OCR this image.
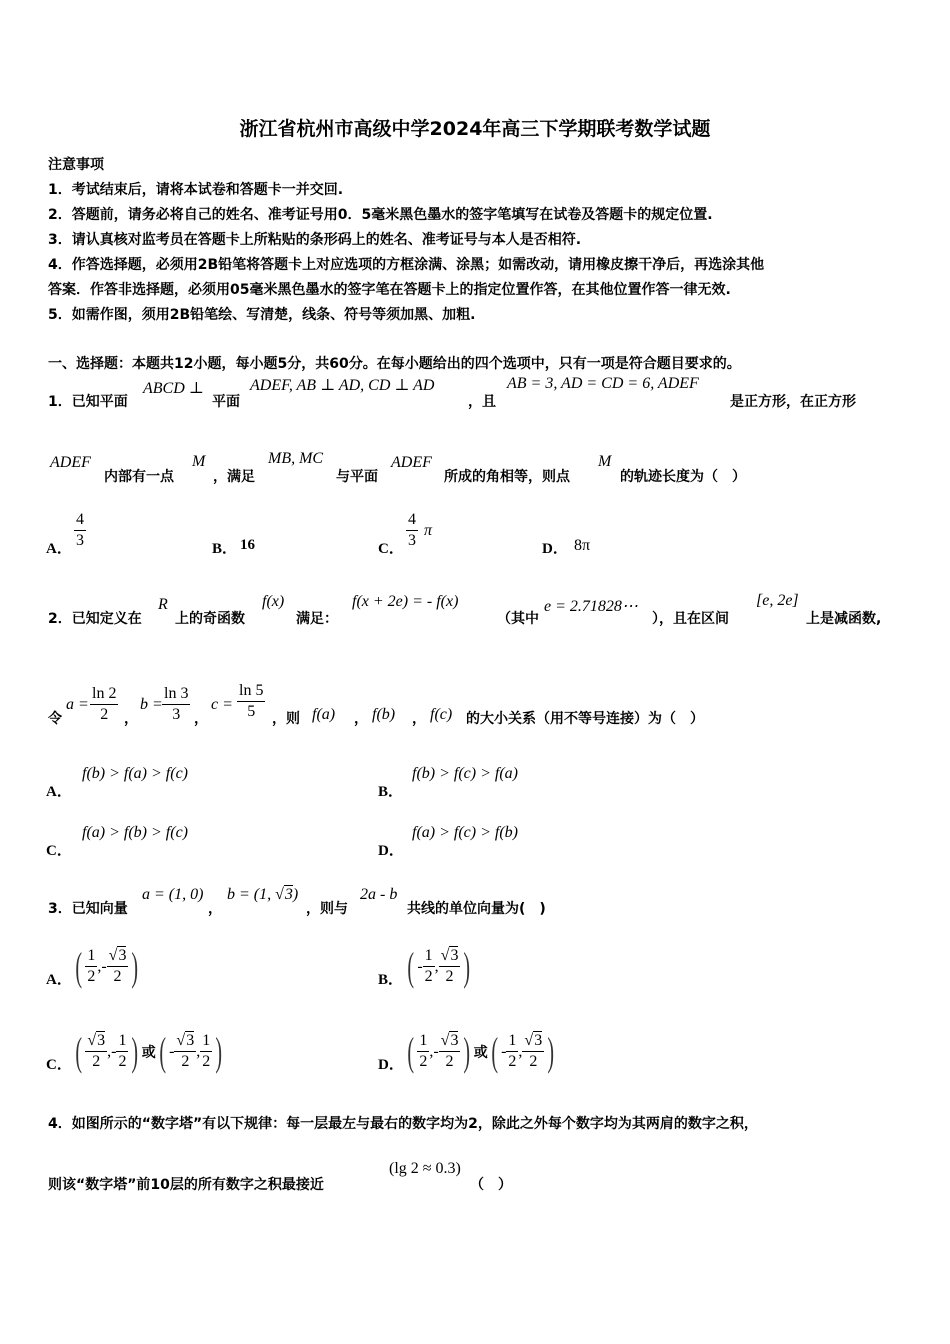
浙江省杭州市高级中学2024年高三下学期联考数学试题
注意事项
1．考试结束后，请将本试卷和答题卡一并交回.
2．答题前，请务必将自己的姓名、准考证号用0．5毫米黑色墨水的签字笔填写在试卷及答题卡的规定位置.
3．请认真核对监考员在答题卡上所粘贴的条形码上的姓名、准考证号与本人是否相符.
4．作答选择题，必须用2B铅笔将答题卡上对应选项的方框涂满、涂黑；如需改动，请用橡皮擦干净后，再选涂其他
答案．作答非选择题，必须用05毫米黑色墨水的签字笔在答题卡上的指定位置作答，在其他位置作答一律无效.
5．如需作图，须用2B铅笔绘、写清楚，线条、符号等须加黑、加粗.
一、选择题：本题共12小题，每小题5分，共60分。在每小题给出的四个选项中，只有一项是符合题目要求的。
1．已知平面
ABCD ⊥
平面
ADEF, AB ⊥ AD, CD ⊥ AD
，且
AB = 3, AD = CD = 6, ADEF
是正方形，在正方形
ADEF
内部有一点
M
，满足
MB, MC
与平面
ADEF
所成的角相等，则点
M
的轨迹长度为（　）
A． $\frac{4}{3}$	B． 16	C． $\frac{4}{3}$ π
D． 8π
2．已知定义在
R
上的奇函数
f(x)
满足：
f(x + 2e) = - f(x)
（其中
e = 2.71828⋯
），且在区间
[e, 2e]
上是减函数,
令
$a = \frac{\ln 2}{2}$ ，
$b = \frac{\ln 3}{3}$ ，
$c = \frac{\ln 5}{5}$ ，则 f(a) ， f(b) ， f(c) 的大小关系（用不等号连接）为（　）
A．
f(b) > f(a) > f(c)
B．
f(b) > f(c) > f(a)
C．
f(a) > f(b) > f(c)
D．
f(a) > f(c) > f(b)
3．已知向量
a = (1, 0)
，
b = (1, √3)
，则与
2a - b
共线的单位向量为(　)
A． ( $\frac{1}{2}$ , - $\frac{√3}{2}$ )	B． ( - $\frac{1}{2}$ , $\frac{√3}{2}$ )
C． ( $\frac{√3}{2}$ , - $\frac{1}{2}$ ) 或 ( - $\frac{√3}{2}$ , $\frac{1}{2}$ )	D． ( $\frac{1}{2}$ , - $\frac{√3}{2}$ ) 或 ( - $\frac{1}{2}$ , $\frac{√3}{2}$ )
4．如图所示的“数字塔”有以下规律：每一层最左与最右的数字均为2，除此之外每个数字均为其两肩的数字之积，
则该“数字塔”前10层的所有数字之积最接近
(lg 2 ≈ 0.3)
（　）
